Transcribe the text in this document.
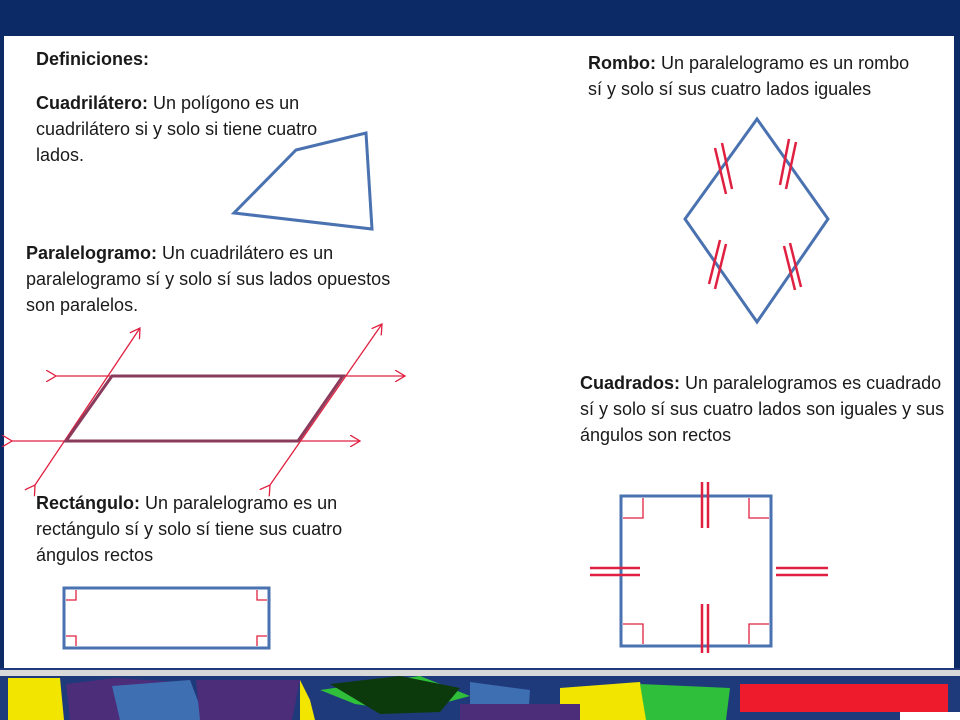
Definiciones:

Cuadrilátero: Un polígono es un cuadrilátero si y solo si tiene cuatro lados.

Paralelogramo: Un cuadrilátero es un paralelogramo sí y solo sí sus lados opuestos son paralelos.

Rectángulo: Un paralelogramo es un rectángulo sí y solo sí tiene sus cuatro ángulos rectos

Rombo: Un paralelogramo es un rombo sí y solo sí sus cuatro lados iguales

Cuadrados: Un paralelogramos es cuadrado sí y solo sí sus cuatro lados son iguales y sus ángulos son rectos
